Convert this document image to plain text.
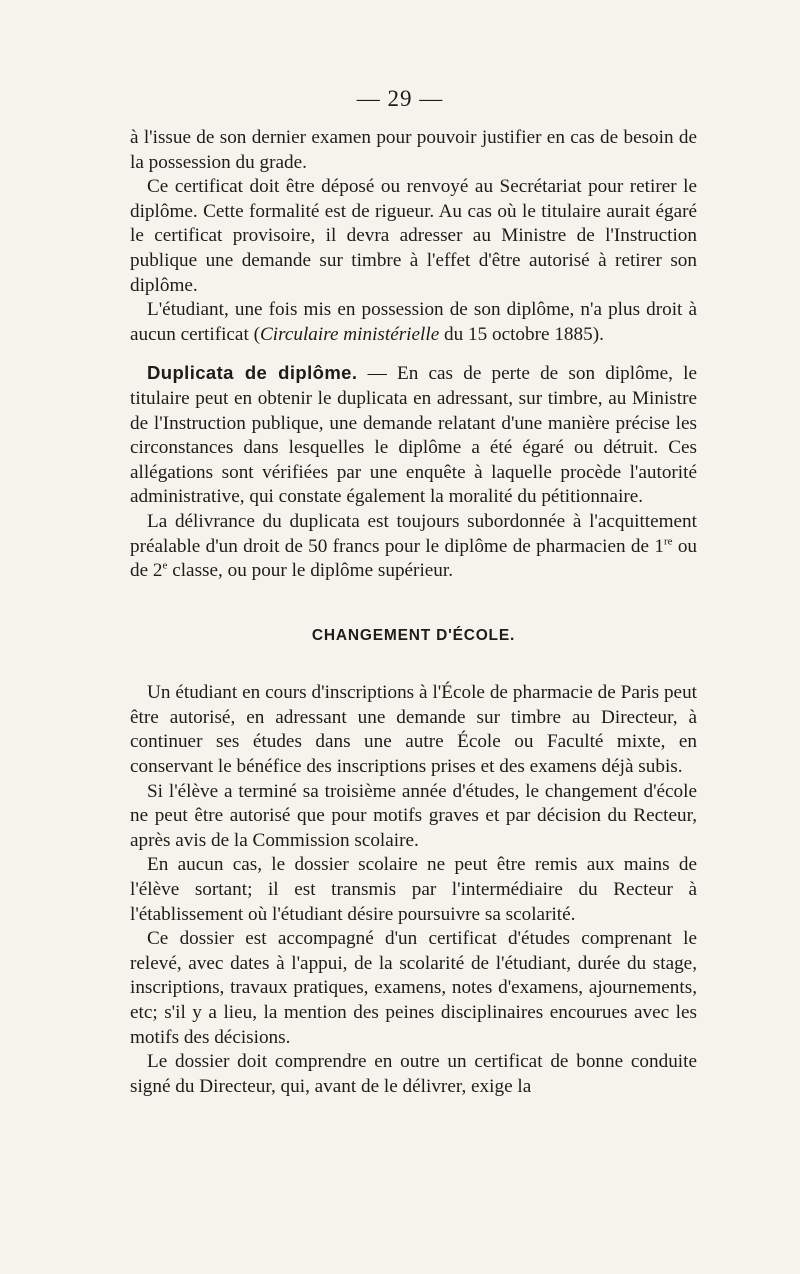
— 29 —

à l'issue de son dernier examen pour pouvoir justifier en cas de besoin de la possession du grade.

Ce certificat doit être déposé ou renvoyé au Secrétariat pour retirer le diplôme. Cette formalité est de rigueur. Au cas où le titulaire aurait égaré le certificat provisoire, il devra adresser au Ministre de l'Instruction publique une demande sur timbre à l'effet d'être autorisé à retirer son diplôme.

L'étudiant, une fois mis en possession de son diplôme, n'a plus droit à aucun certificat (Circulaire ministérielle du 15 octobre 1885).

Duplicata de diplôme. — En cas de perte de son diplôme, le titulaire peut en obtenir le duplicata en adressant, sur timbre, au Ministre de l'Instruction publique, une demande relatant d'une manière précise les circonstances dans lesquelles le diplôme a été égaré ou détruit. Ces allégations sont vérifiées par une enquête à laquelle procède l'autorité administrative, qui constate également la moralité du pétitionnaire.

La délivrance du duplicata est toujours subordonnée à l'acquittement préalable d'un droit de 50 francs pour le diplôme de pharmacien de 1re ou de 2e classe, ou pour le diplôme supérieur.

CHANGEMENT D'ÉCOLE.

Un étudiant en cours d'inscriptions à l'École de pharmacie de Paris peut être autorisé, en adressant une demande sur timbre au Directeur, à continuer ses études dans une autre École ou Faculté mixte, en conservant le bénéfice des inscriptions prises et des examens déjà subis.

Si l'élève a terminé sa troisième année d'études, le changement d'école ne peut être autorisé que pour motifs graves et par décision du Recteur, après avis de la Commission scolaire.

En aucun cas, le dossier scolaire ne peut être remis aux mains de l'élève sortant; il est transmis par l'intermédiaire du Recteur à l'établissement où l'étudiant désire poursuivre sa scolarité.

Ce dossier est accompagné d'un certificat d'études comprenant le relevé, avec dates à l'appui, de la scolarité de l'étudiant, durée du stage, inscriptions, travaux pratiques, examens, notes d'examens, ajournements, etc; s'il y a lieu, la mention des peines disciplinaires encourues avec les motifs des décisions.

Le dossier doit comprendre en outre un certificat de bonne conduite signé du Directeur, qui, avant de le délivrer, exige la
